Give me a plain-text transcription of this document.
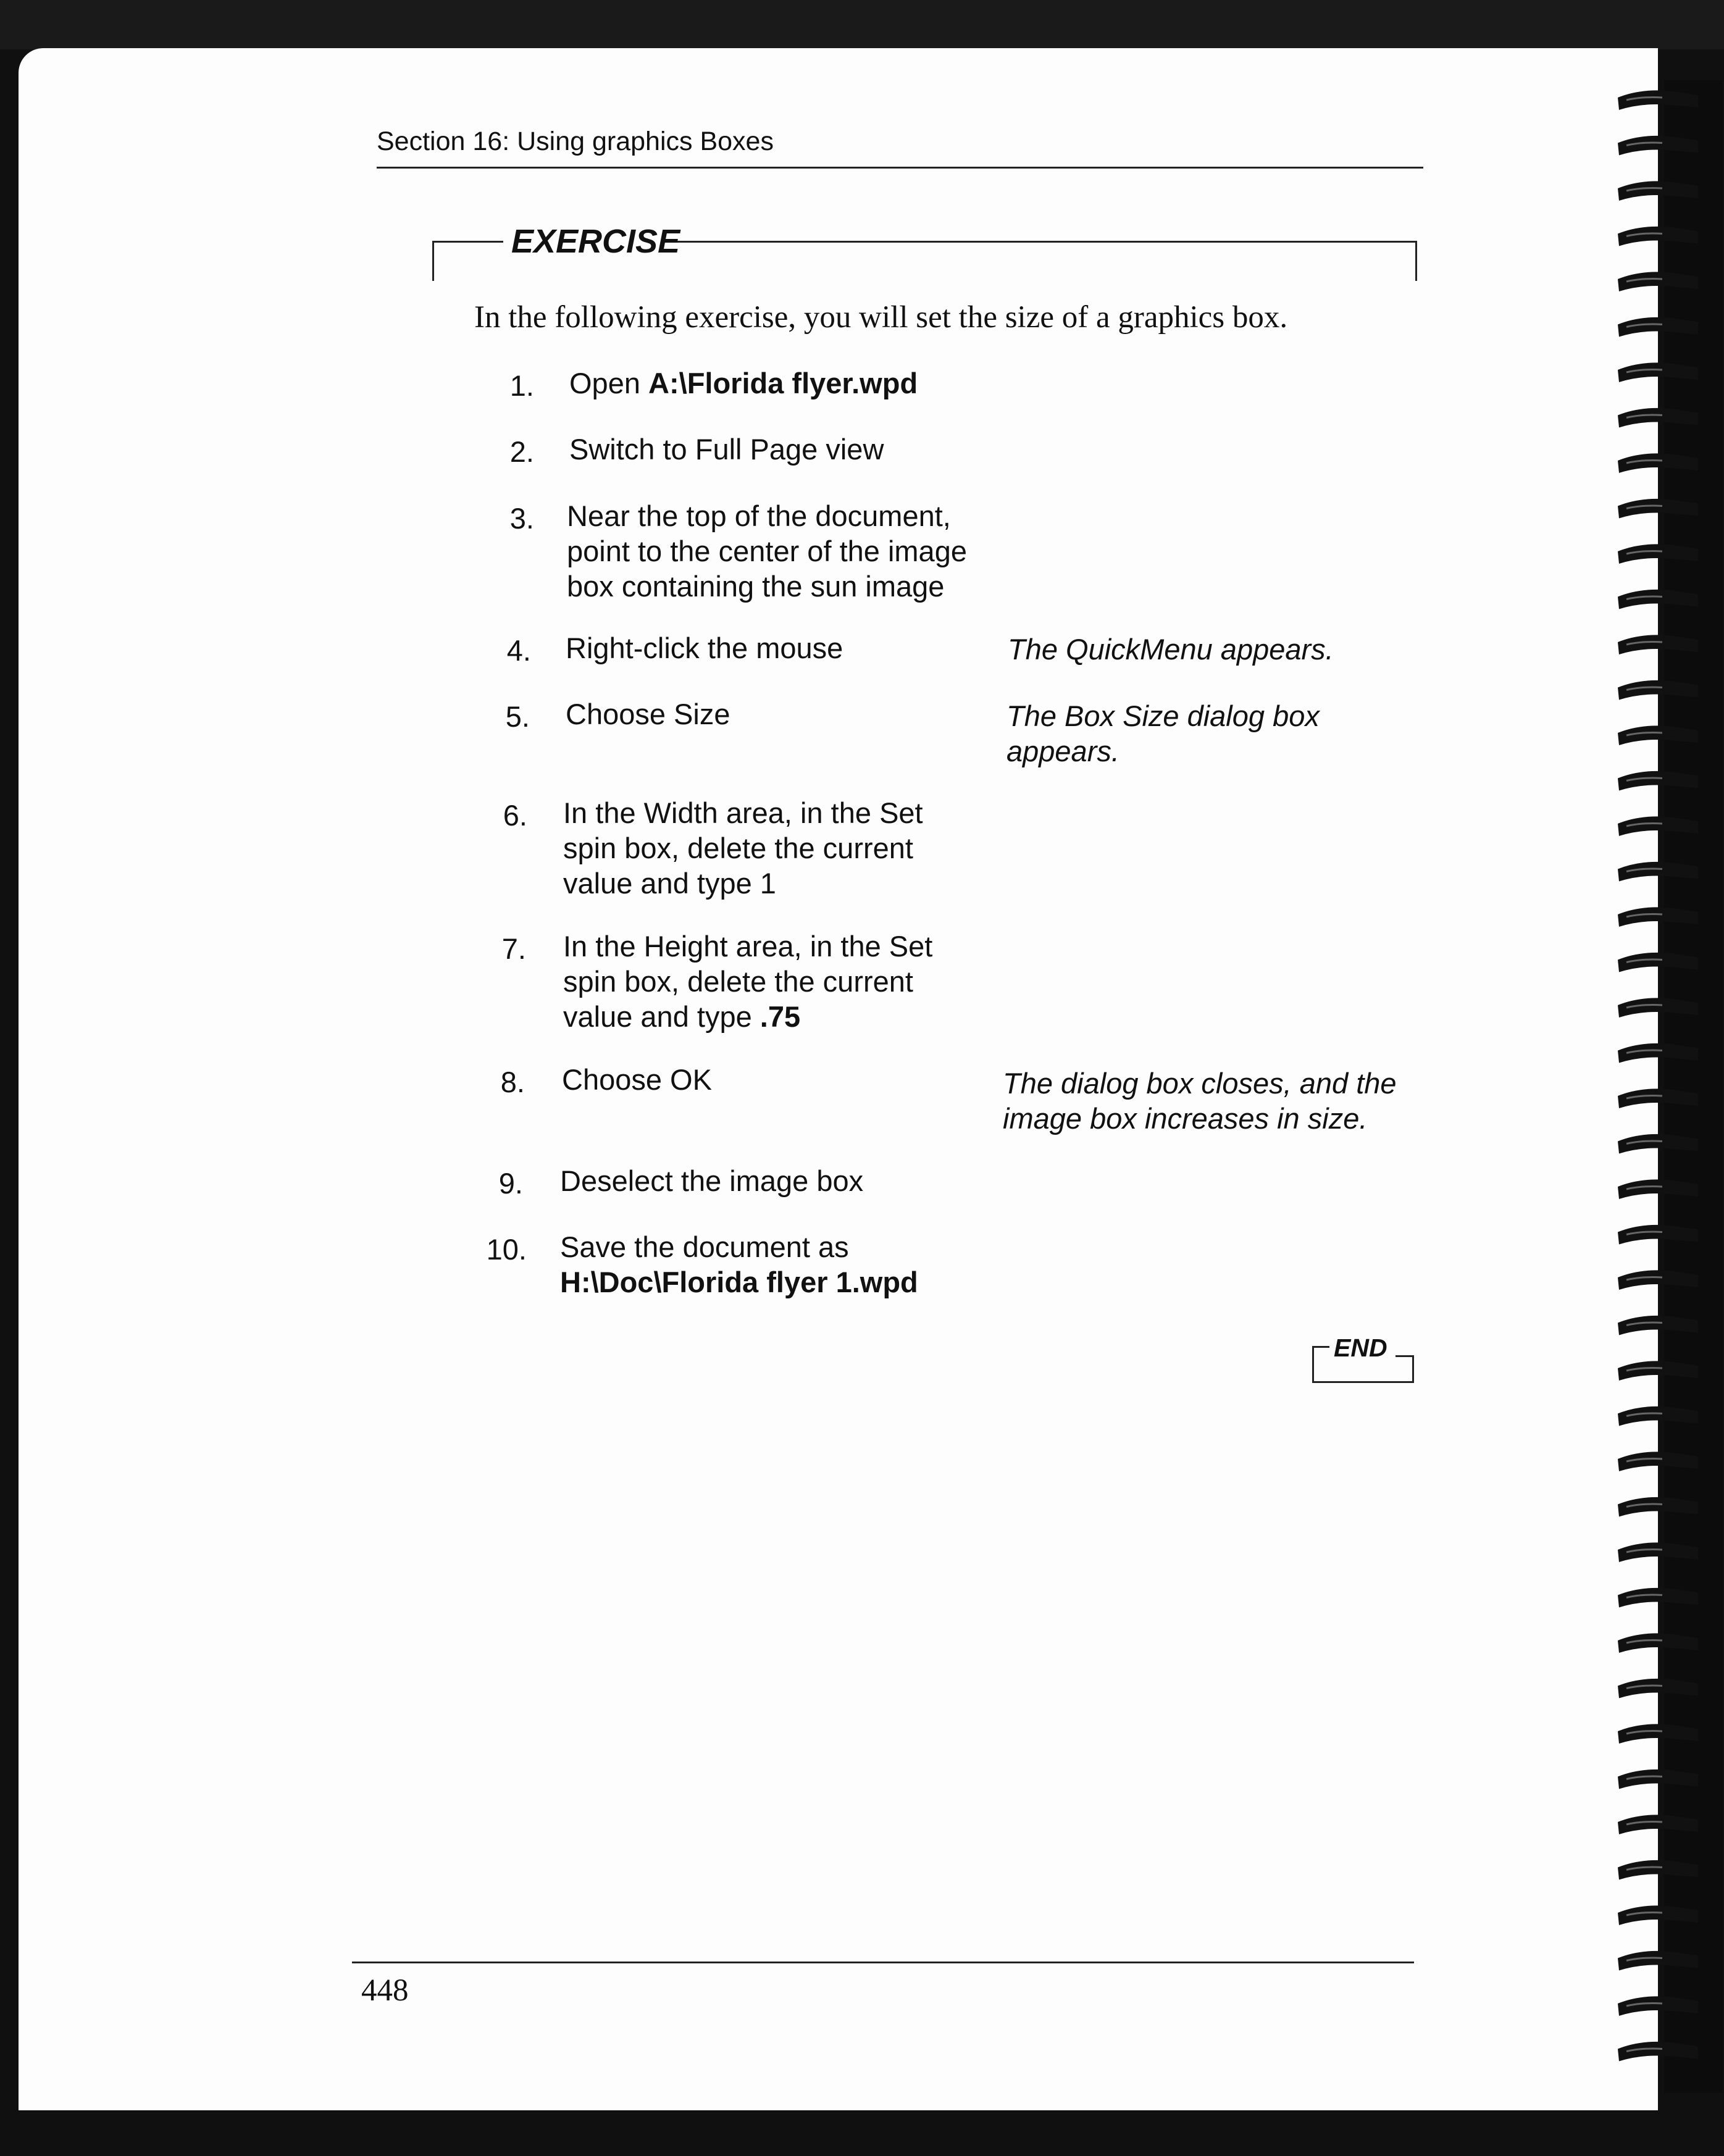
Section 16: Using graphics Boxes
EXERCISE
In the following exercise, you will set the size of a graphics box.
1. Open A:\Florida flyer.wpd
2. Switch to Full Page view
3. Near the top of the document,
point to the center of the image
box containing the sun image
4. Right-click the mouse	The QuickMenu appears.
5. Choose Size	The Box Size dialog box
appears.
6. In the Width area, in the Set
spin box, delete the current
value and type 1
7. In the Height area, in the Set
spin box, delete the current
value and type .75
8. Choose OK	The dialog box closes, and the
image box increases in size.
9. Deselect the image box
10. Save the document as
H:\Doc\Florida flyer 1.wpd
END
448
